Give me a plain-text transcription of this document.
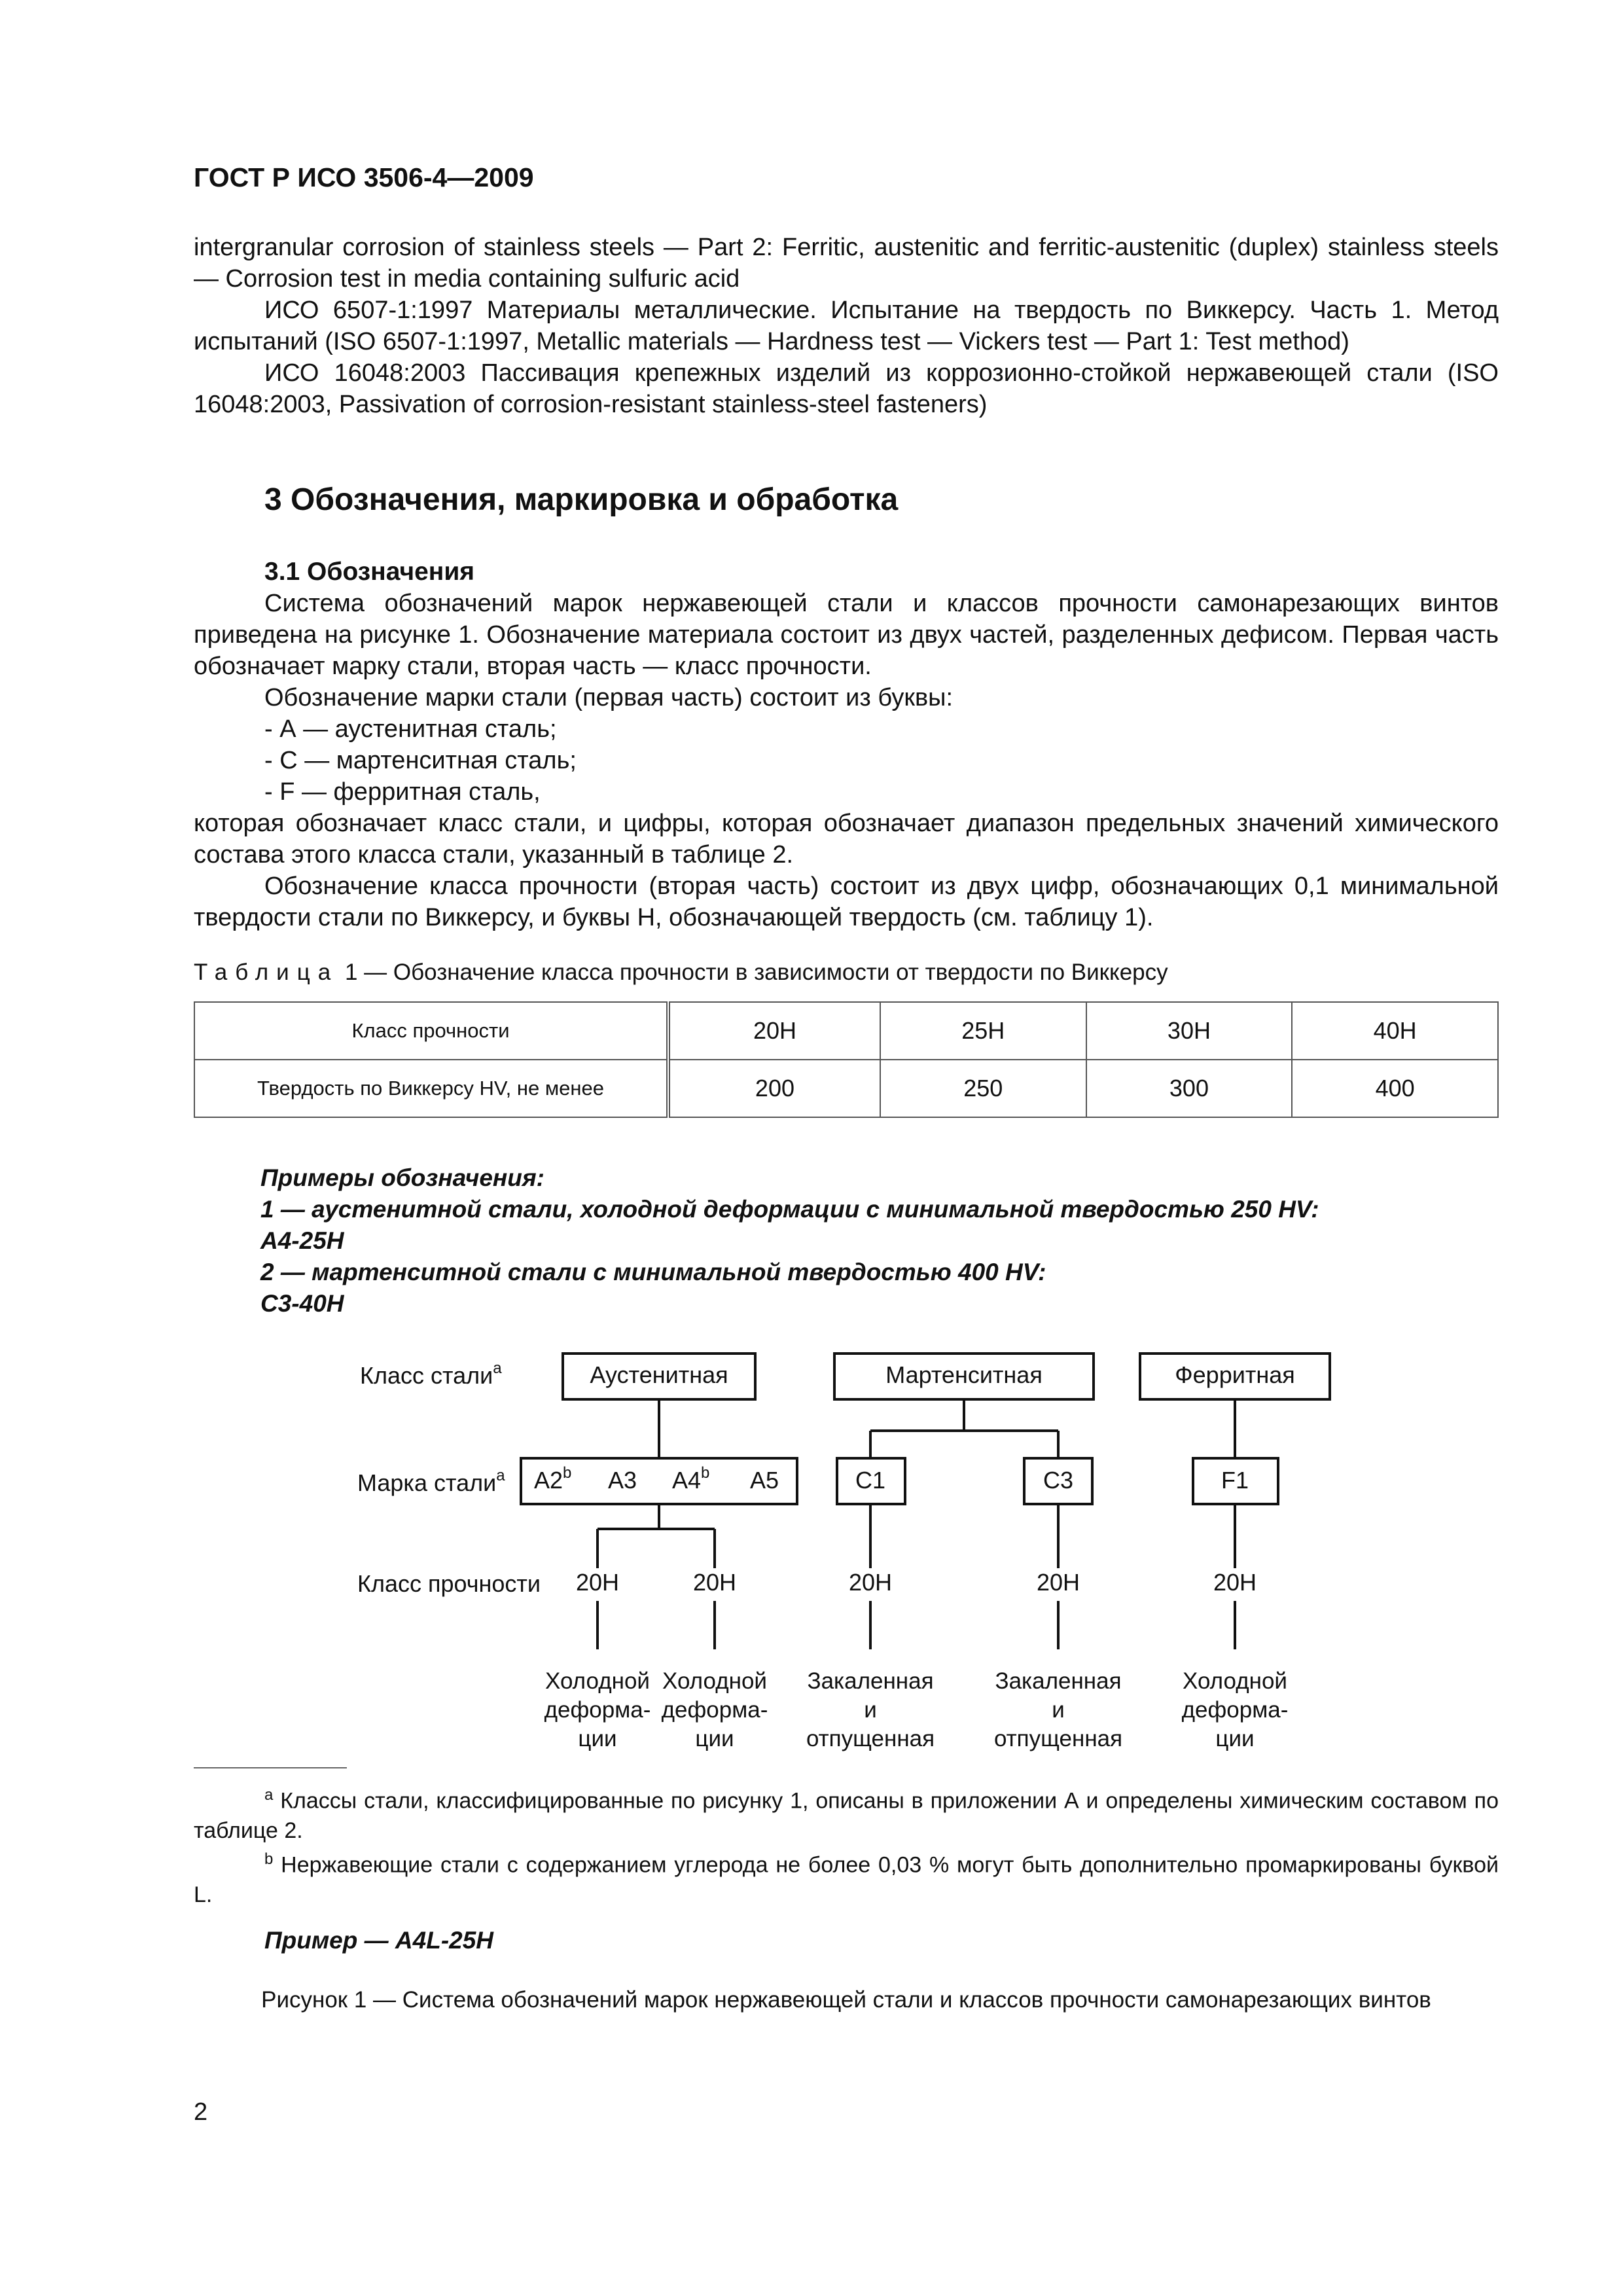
ГОСТ Р ИСО 3506-4—2009

intergranular corrosion of stainless steels — Part 2: Ferritic, austenitic and ferritic-austenitic (duplex) stainless steels — Corrosion test in media containing sulfuric acid

ИСО 6507-1:1997 Материалы металлические. Испытание на твердость по Виккерсу. Часть 1. Метод испытаний (ISO 6507-1:1997, Metallic materials — Hardness test — Vickers test — Part 1: Test method)

ИСО 16048:2003 Пассивация крепежных изделий из коррозионно-стойкой нержавеющей стали (ISO 16048:2003, Passivation of corrosion-resistant stainless-steel fasteners)

3 Обозначения, маркировка и обработка
3.1 Обозначения

Система обозначений марок нержавеющей стали и классов прочности самонарезающих винтов приведена на рисунке 1. Обозначение материала состоит из двух частей, разделенных дефисом. Первая часть обозначает марку стали, вторая часть — класс прочности.

Обозначение марки стали (первая часть) состоит из буквы:

- А — аустенитная сталь;

- С — мартенситная сталь;

- F — ферритная сталь,

которая обозначает класс стали, и цифры, которая обозначает диапазон предельных значений химического состава этого класса стали, указанный в таблице 2.

Обозначение класса прочности (вторая часть) состоит из двух цифр, обозначающих 0,1 минимальной твердости стали по Виккерсу, и буквы Н, обозначающей твердость (см. таблицу 1).

Таблица 1 — Обозначение класса прочности в зависимости от твердости по Виккерсу
Класс прочности	20H	25H	30H	40H
Твердость по Виккерсу HV, не менее	200	250	300	400
Примеры обозначения:
1 — аустенитной стали, холодной деформации с минимальной твердостью 250 HV:
А4-25Н
2 — мартенситной стали с минимальной твердостью 400 HV:
С3-40Н
Класс стали$^a$
Марка стали$^a$
Класс прочности
Аустенитная	Мартенситная	Ферритная
А2$^b$ А3 А4$^b$ А5	С1	С3	F1
20H	20H	20H	20H	20H
Холодной
деформа-
ции
Холодной
деформа-
ции
Закаленная
и
отпущенная
Закаленная
и
отпущенная
Холодной
деформа-
ции
$^a$ Классы стали, классифицированные по рисунку 1, описаны в приложении А и определены химическим составом по таблице 2.
$^b$ Нержавеющие стали с содержанием углерода не более 0,03 % могут быть дополнительно промаркированы буквой L.
Пример — A4L-25H
Рисунок 1 — Система обозначений марок нержавеющей стали и классов прочности самонарезающих винтов
2
